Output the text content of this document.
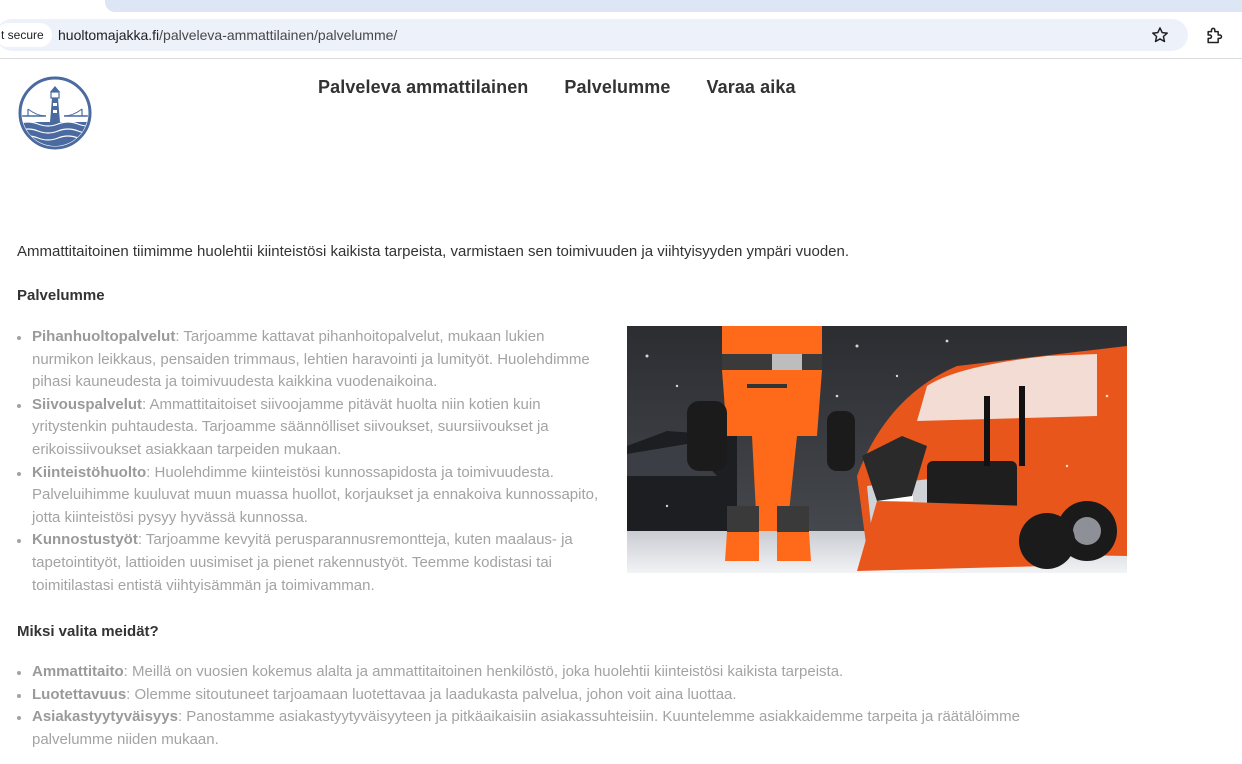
t secure	huoltomajakka.fi/palveleva-ammattilainen/palvelumme/
Palveleva ammattilainen Palvelumme Varaa aika
Ammattitaitoinen tiimimme huolehtii kiinteistösi kaikista tarpeista, varmistaen sen toimivuuden ja viihtyisyyden ympäri vuoden.
Palvelumme
Pihanhuoltopalvelut: Tarjoamme kattavat pihanhoitopalvelut, mukaan lukien
nurmikon leikkaus, pensaiden trimmaus, lehtien haravointi ja lumityöt. Huolehdimme
pihasi kauneudesta ja toimivuudesta kaikkina vuodenaikoina.
Siivouspalvelut: Ammattitaitoiset siivoojamme pitävät huolta niin kotien kuin
yritystenkin puhtaudesta. Tarjoamme säännölliset siivoukset, suursiivoukset ja
erikoissiivoukset asiakkaan tarpeiden mukaan.
Kiinteistöhuolto: Huolehdimme kiinteistösi kunnossapidosta ja toimivuudesta.
Palveluihimme kuuluvat muun muassa huollot, korjaukset ja ennakoiva kunnossapito,
jotta kiinteistösi pysyy hyvässä kunnossa.
Kunnostustyöt: Tarjoamme kevyitä perusparannusremontteja, kuten maalaus- ja
tapetointityöt, lattioiden uusimiset ja pienet rakennustyöt. Teemme kodistasi tai
toimitilastasi entistä viihtyisämmän ja toimivamman.
Miksi valita meidät?
Ammattitaito: Meillä on vuosien kokemus alalta ja ammattitaitoinen henkilöstö, joka huolehtii kiinteistösi kaikista tarpeista.
Luotettavuus: Olemme sitoutuneet tarjoamaan luotettavaa ja laadukasta palvelua, johon voit aina luottaa.
Asiakastyytyväisyys: Panostamme asiakastyytyväisyyteen ja pitkäaikaisiin asiakassuhteisiin. Kuuntelemme asiakkaidemme tarpeita ja räätälöimme
palvelumme niiden mukaan.
